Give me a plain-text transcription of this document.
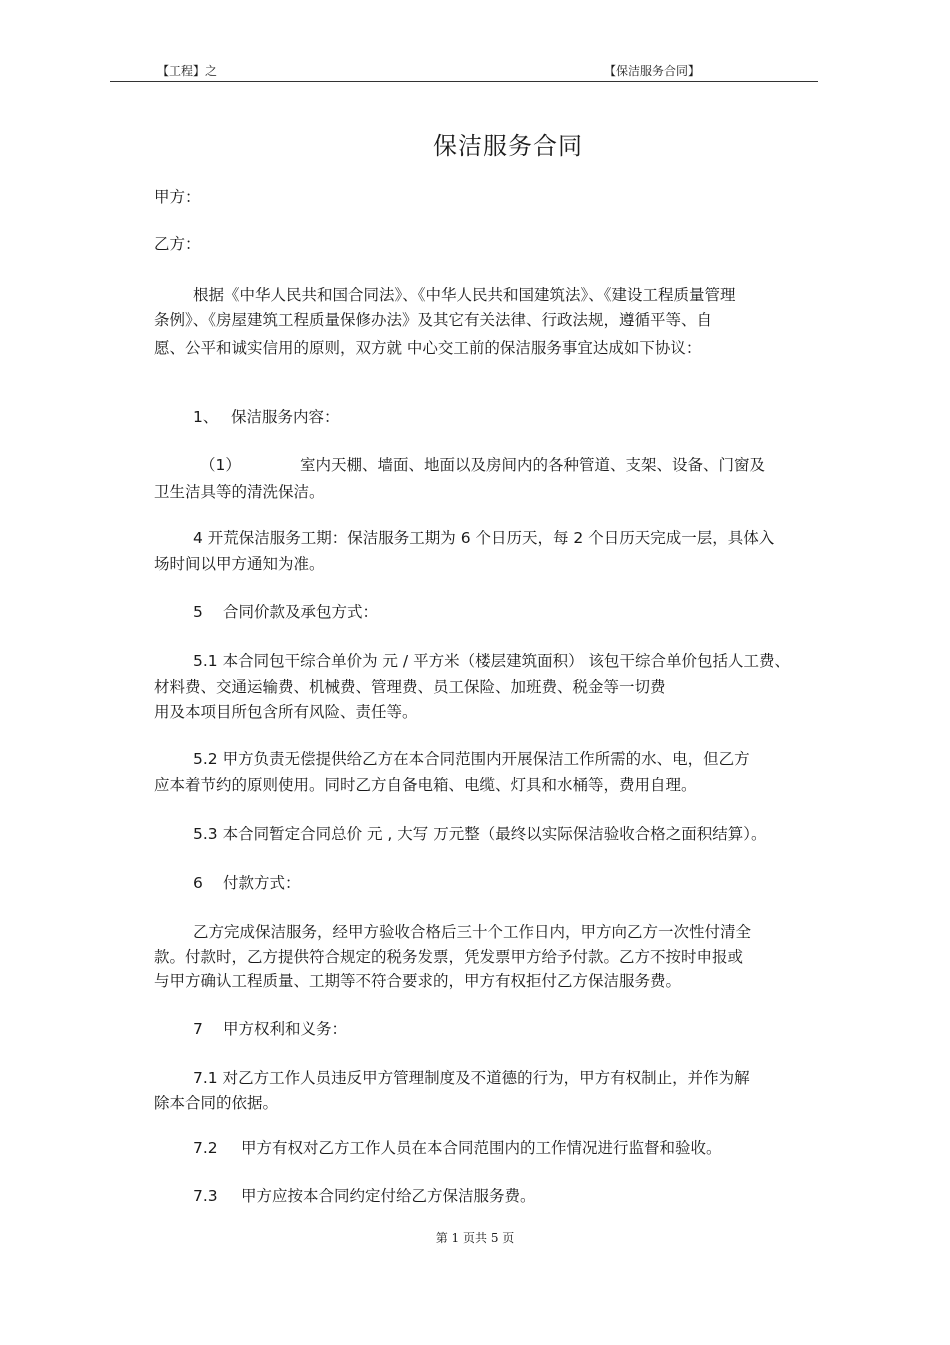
【工程】之	【保洁服务合同】
保洁服务合同
甲方：
乙方：
根据《中华人民共和国合同法》、《中华人民共和国建筑法》、《建设工程质量管理
条例》、《房屋建筑工程质量保修办法》及其它有关法律、行政法规，遵循平等、自
愿、公平和诚实信用的原则，双方就 中心交工前的保洁服务事宜达成如下协议：
1、 保洁服务内容：
（1）	室内天棚、墙面、地面以及房间内的各种管道、支架、设备、门窗及
卫生洁具等的清洗保洁。
4 开荒保洁服务工期：保洁服务工期为 6 个日历天，每 2 个日历天完成一层，具体入
场时间以甲方通知为准。
5 合同价款及承包方式：
5.1 本合同包干综合单价为 元 / 平方米（楼层建筑面积） 该包干综合单价包括人工费、
材料费、交通运输费、机械费、管理费、员工保险、加班费、税金等一切费
用及本项目所包含所有风险、责任等。
5.2 甲方负责无偿提供给乙方在本合同范围内开展保洁工作所需的水、电，但乙方
应本着节约的原则使用。同时乙方自备电箱、电缆、灯具和水桶等，费用自理。
5.3 本合同暂定合同总价 元 , 大写 万元整（最终以实际保洁验收合格之面积结算）。
6 付款方式：
乙方完成保洁服务，经甲方验收合格后三十个工作日内，甲方向乙方一次性付清全
款。付款时，乙方提供符合规定的税务发票，凭发票甲方给予付款。乙方不按时申报或
与甲方确认工程质量、工期等不符合要求的，甲方有权拒付乙方保洁服务费。
7 甲方权利和义务：
7.1 对乙方工作人员违反甲方管理制度及不道德的行为，甲方有权制止，并作为解
除本合同的依据。
7.2 甲方有权对乙方工作人员在本合同范围内的工作情况进行监督和验收。
7.3 甲方应按本合同约定付给乙方保洁服务费。
第 1 页共 5 页
